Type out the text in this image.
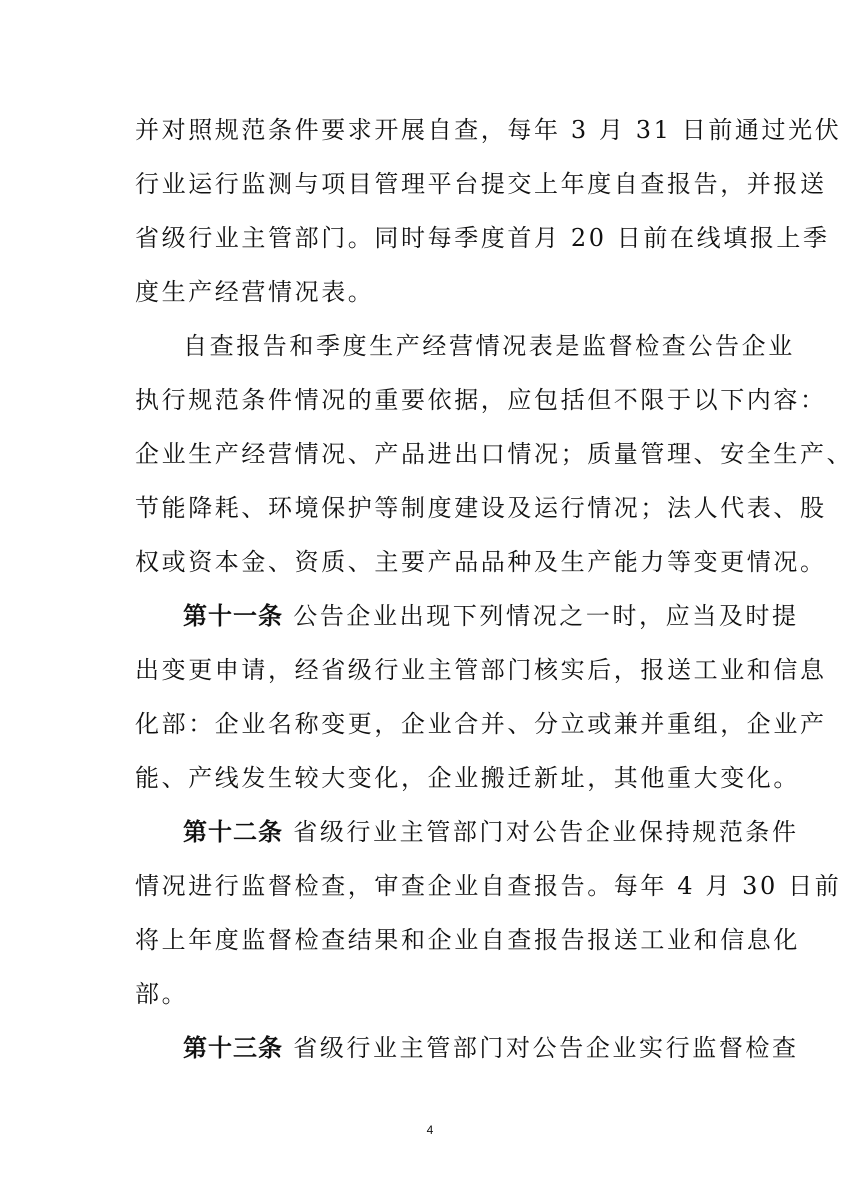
并对照规范条件要求开展自查，每年 3 月 31 日前通过光伏
行业运行监测与项目管理平台提交上年度自查报告，并报送
省级行业主管部门。同时每季度首月 20 日前在线填报上季
度生产经营情况表。
自查报告和季度生产经营情况表是监督检查公告企业
执行规范条件情况的重要依据，应包括但不限于以下内容：
企业生产经营情况、产品进出口情况；质量管理、安全生产、
节能降耗、环境保护等制度建设及运行情况；法人代表、股
权或资本金、资质、主要产品品种及生产能力等变更情况。
第十一条 公告企业出现下列情况之一时，应当及时提
出变更申请，经省级行业主管部门核实后，报送工业和信息
化部：企业名称变更，企业合并、分立或兼并重组，企业产
能、产线发生较大变化，企业搬迁新址，其他重大变化。
第十二条 省级行业主管部门对公告企业保持规范条件
情况进行监督检查，审查企业自查报告。每年 4 月 30 日前
将上年度监督检查结果和企业自查报告报送工业和信息化
部。
第十三条 省级行业主管部门对公告企业实行监督检查
4
